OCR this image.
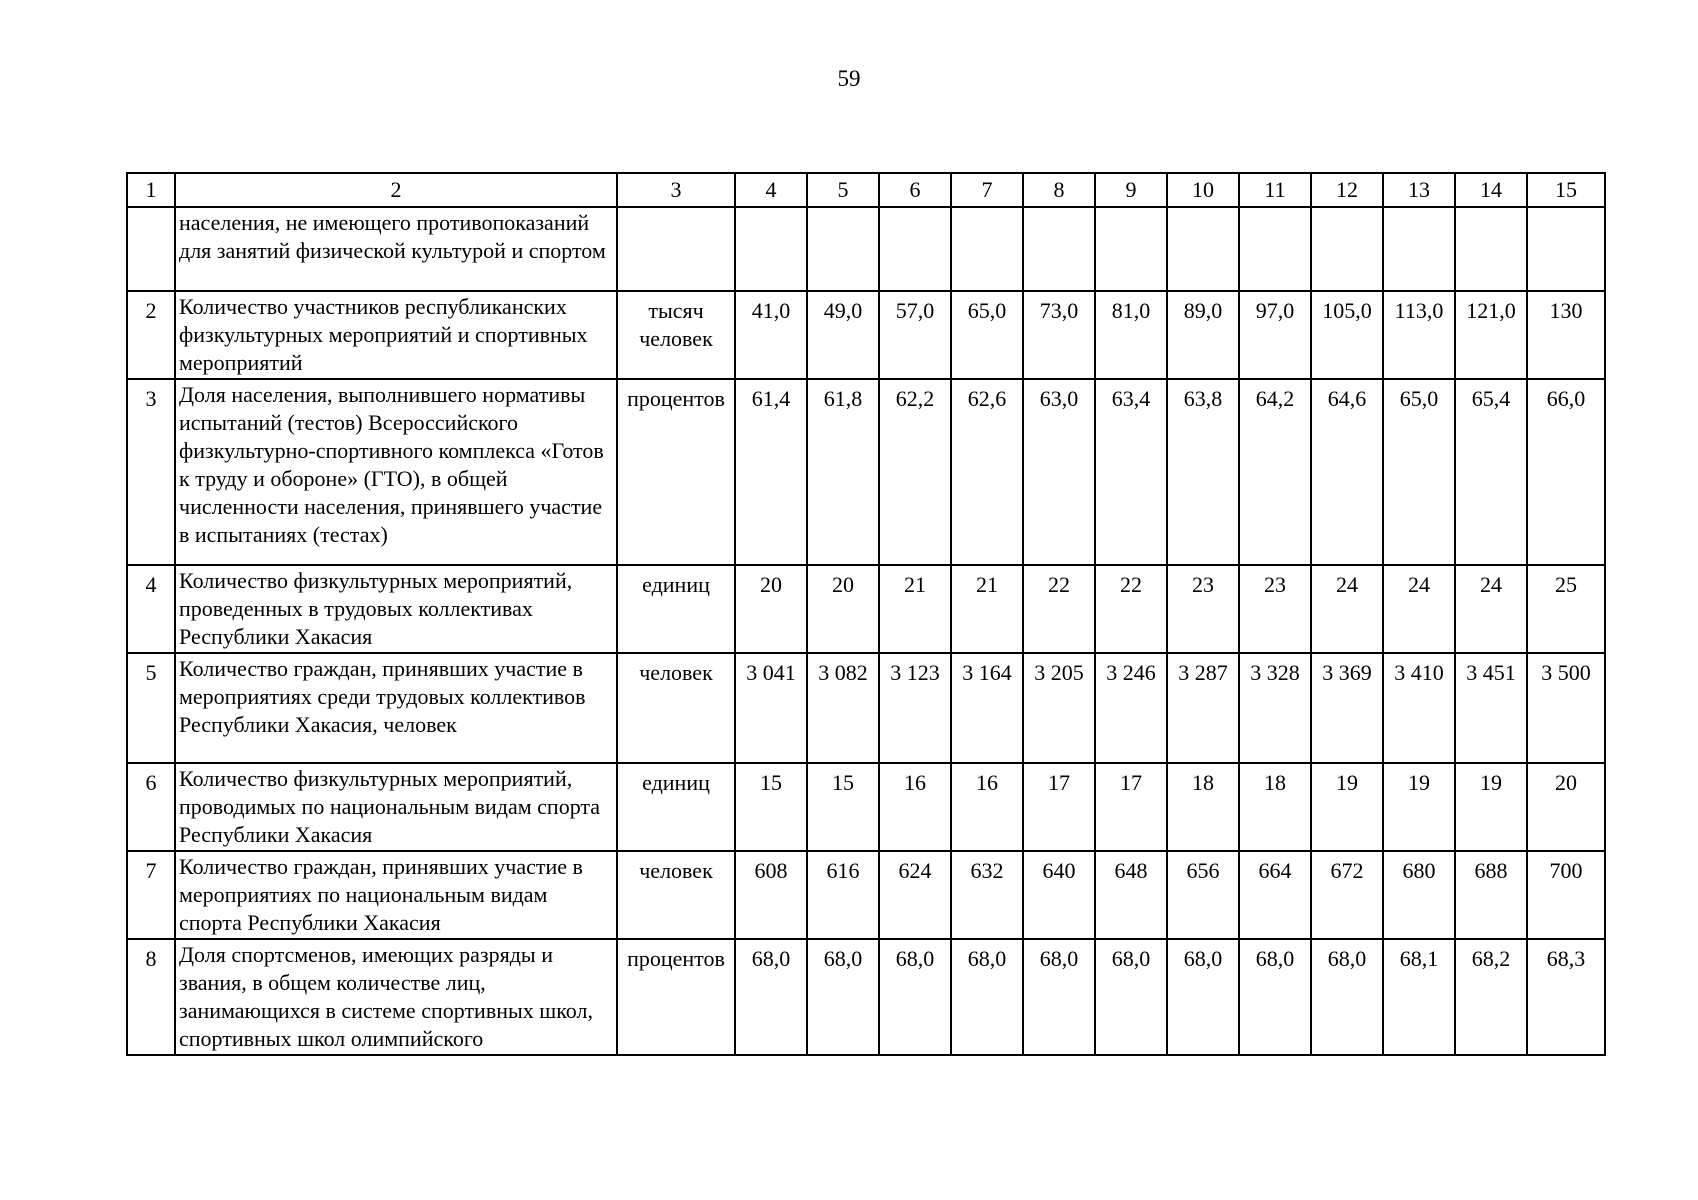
59
1	2	3	4	5	6	7	8	9	10	11	12	13	14	15
	населения, не имеющего противопоказаний для занятий физической культурой и спортом													
2	Количество участников республиканских физкультурных мероприятий и спортивных мероприятий	тысяч человек	41,0	49,0	57,0	65,0	73,0	81,0	89,0	97,0	105,0	113,0	121,0	130
3	Доля населения, выполнившего нормативы испытаний (тестов) Всероссийского физкультурно-спортивного комплекса «Готов к труду и обороне» (ГТО), в общей численности населения, принявшего участие в испытаниях (тестах)	процентов	61,4	61,8	62,2	62,6	63,0	63,4	63,8	64,2	64,6	65,0	65,4	66,0
4	Количество физкультурных мероприятий, проведенных в трудовых коллективах Республики Хакасия	единиц	20	20	21	21	22	22	23	23	24	24	24	25
5	Количество граждан, принявших участие в мероприятиях среди трудовых коллективов Республики Хакасия, человек	человек	3 041	3 082	3 123	3 164	3 205	3 246	3 287	3 328	3 369	3 410	3 451	3 500
6	Количество физкультурных мероприятий, проводимых по национальным видам спорта Республики Хакасия	единиц	15	15	16	16	17	17	18	18	19	19	19	20
7	Количество граждан, принявших участие в мероприятиях по национальным видам спорта Республики Хакасия	человек	608	616	624	632	640	648	656	664	672	680	688	700
8	Доля спортсменов, имеющих разряды и звания, в общем количестве лиц, занимающихся в системе спортивных школ, спортивных школ олимпийского	процентов	68,0	68,0	68,0	68,0	68,0	68,0	68,0	68,0	68,0	68,1	68,2	68,3
